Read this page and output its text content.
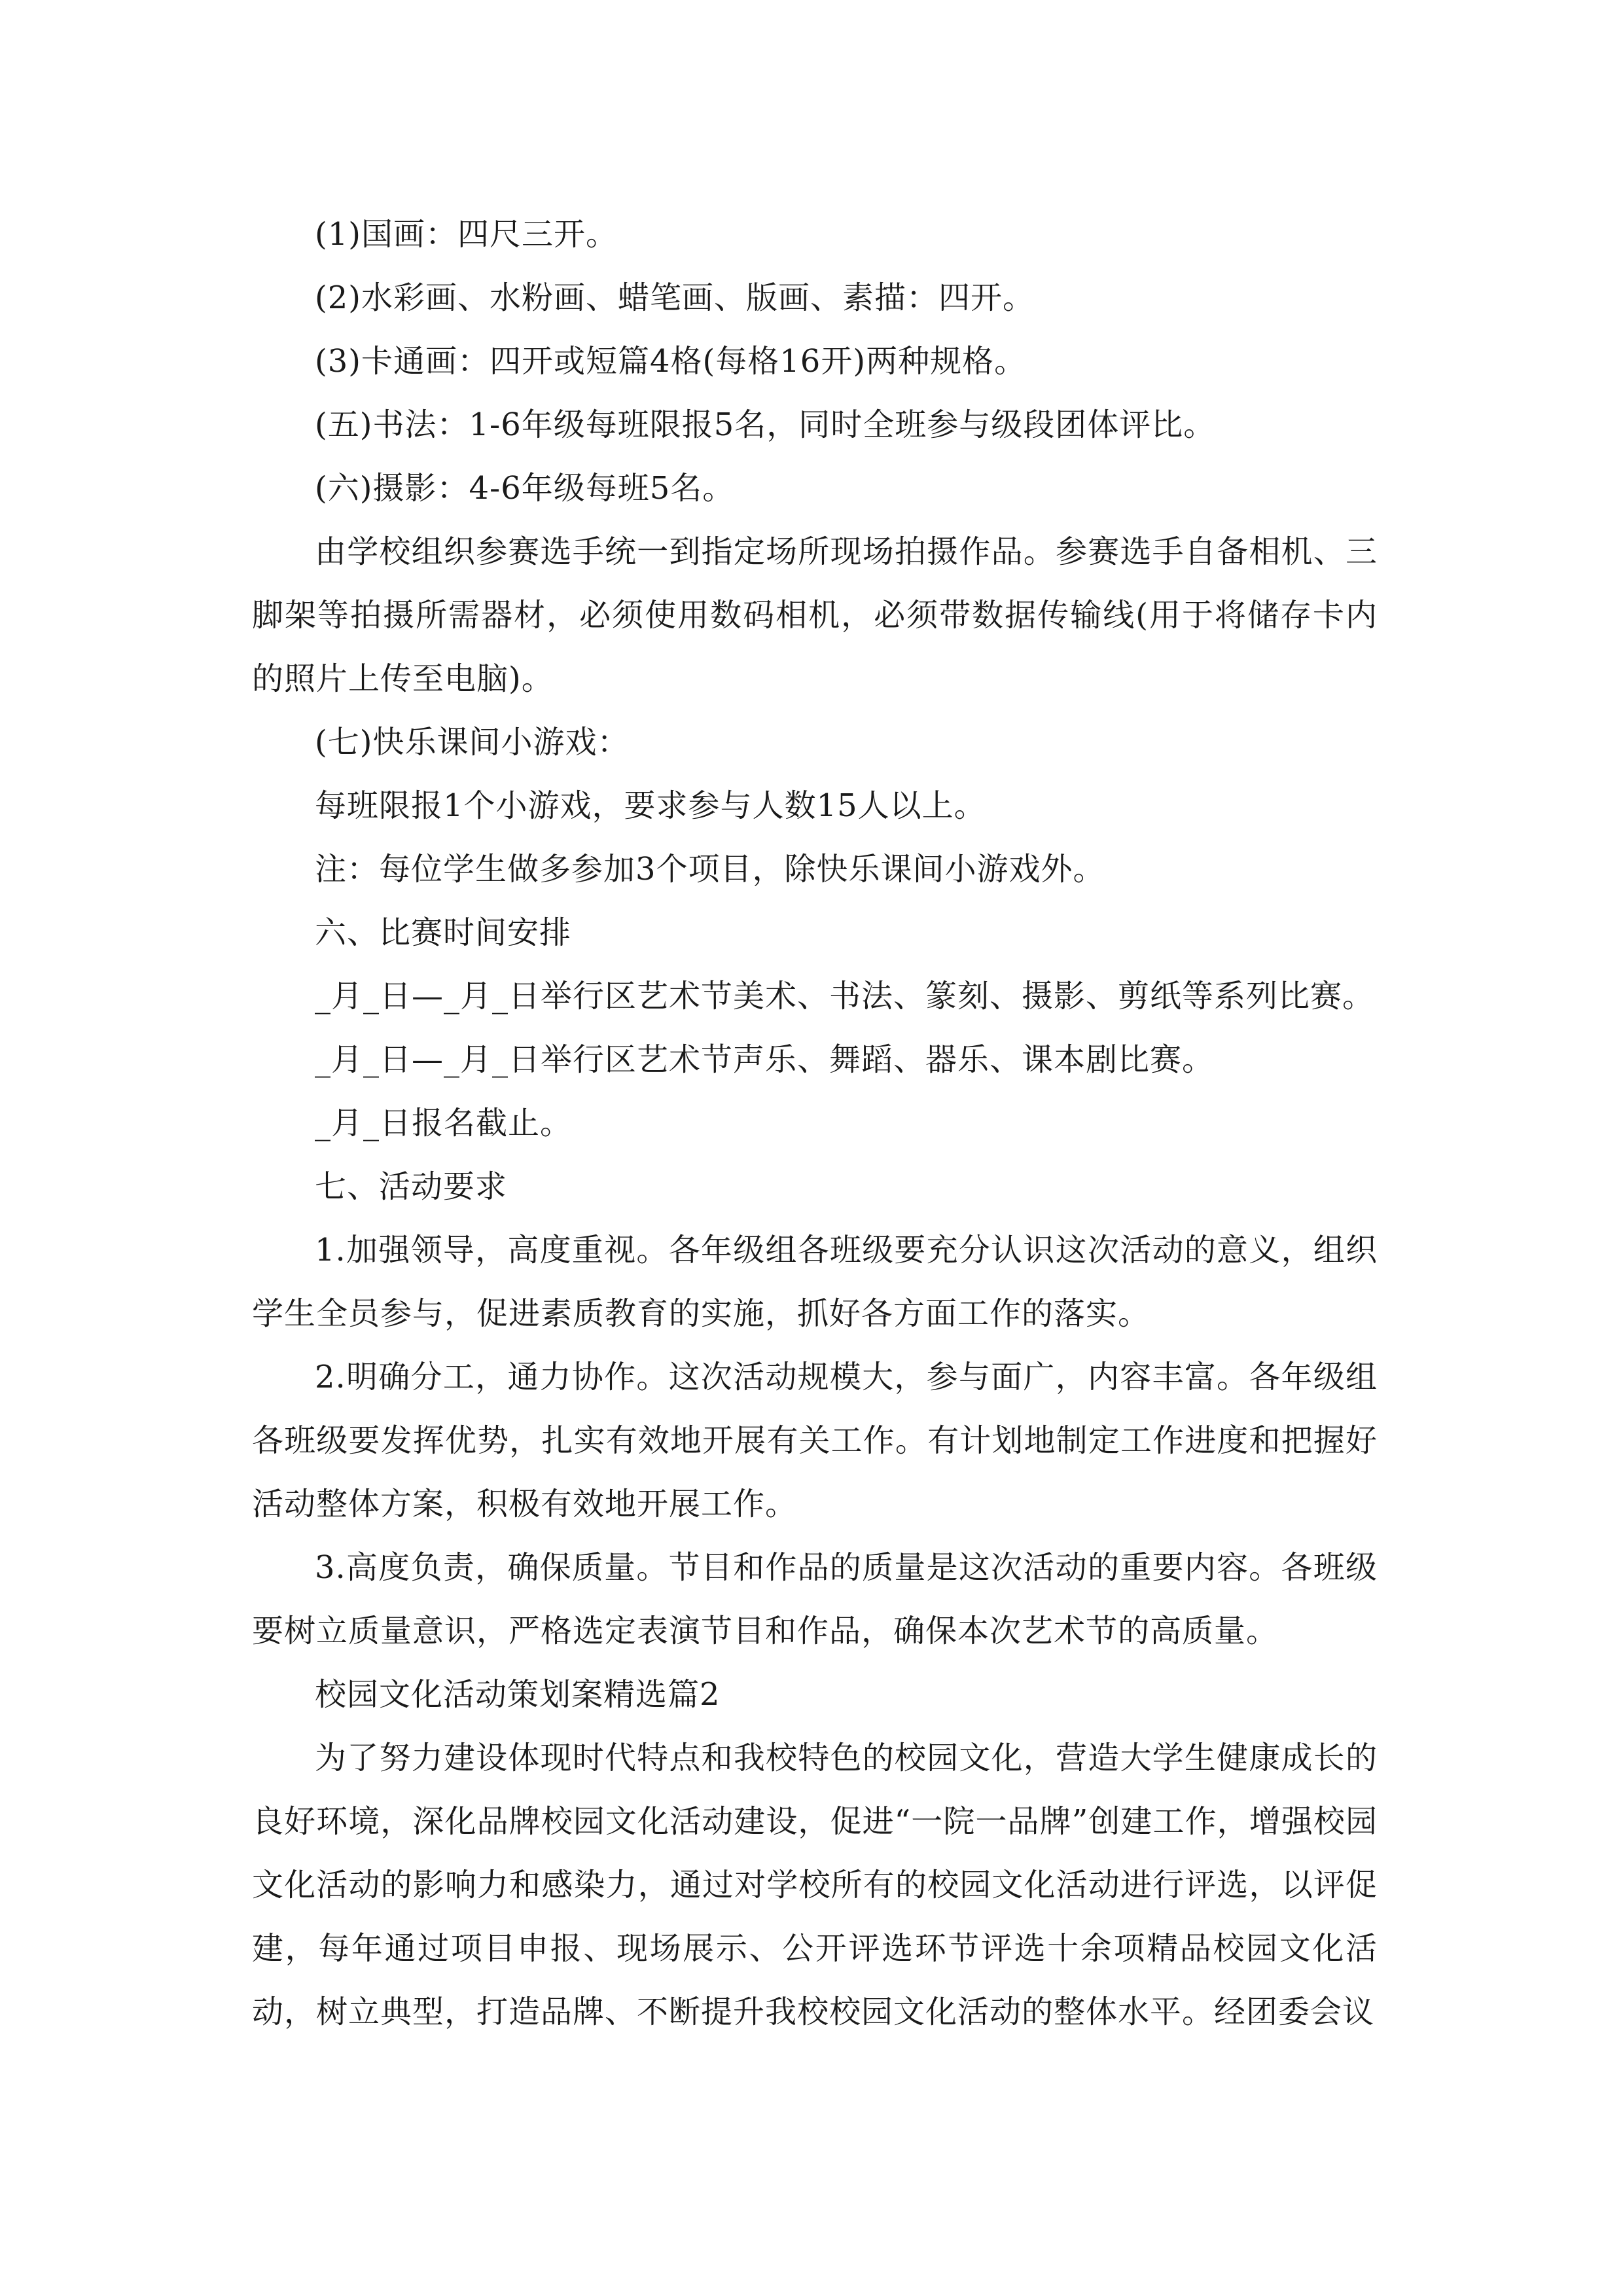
(1)国画：四尺三开。

(2)水彩画、水粉画、蜡笔画、版画、素描：四开。

(3)卡通画：四开或短篇4格(每格16开)两种规格。

(五)书法：1-6年级每班限报5名，同时全班参与级段团体评比。

(六)摄影：4-6年级每班5名。

由学校组织参赛选手统一到指定场所现场拍摄作品。参赛选手自备相机、三脚架等拍摄所需器材，必须使用数码相机，必须带数据传输线(用于将储存卡内的照片上传至电脑)。

(七)快乐课间小游戏：

每班限报1个小游戏，要求参与人数15人以上。

注：每位学生做多参加3个项目，除快乐课间小游戏外。

六、比赛时间安排

_月_日—_月_日举行区艺术节美术、书法、篆刻、摄影、剪纸等系列比赛。

_月_日—_月_日举行区艺术节声乐、舞蹈、器乐、课本剧比赛。

_月_日报名截止。

七、活动要求

1.加强领导，高度重视。各年级组各班级要充分认识这次活动的意义，组织学生全员参与，促进素质教育的实施，抓好各方面工作的落实。

2.明确分工，通力协作。这次活动规模大，参与面广，内容丰富。各年级组各班级要发挥优势，扎实有效地开展有关工作。有计划地制定工作进度和把握好活动整体方案，积极有效地开展工作。

3.高度负责，确保质量。节目和作品的质量是这次活动的重要内容。各班级要树立质量意识，严格选定表演节目和作品，确保本次艺术节的高质量。

校园文化活动策划案精选篇2

为了努力建设体现时代特点和我校特色的校园文化，营造大学生健康成长的良好环境，深化品牌校园文化活动建设，促进“一院一品牌”创建工作，增强校园文化活动的影响力和感染力，通过对学校所有的校园文化活动进行评选，以评促建，每年通过项目申报、现场展示、公开评选环节评选十余项精品校园文化活动，树立典型，打造品牌、不断提升我校校园文化活动的整体水平。经团委会议
